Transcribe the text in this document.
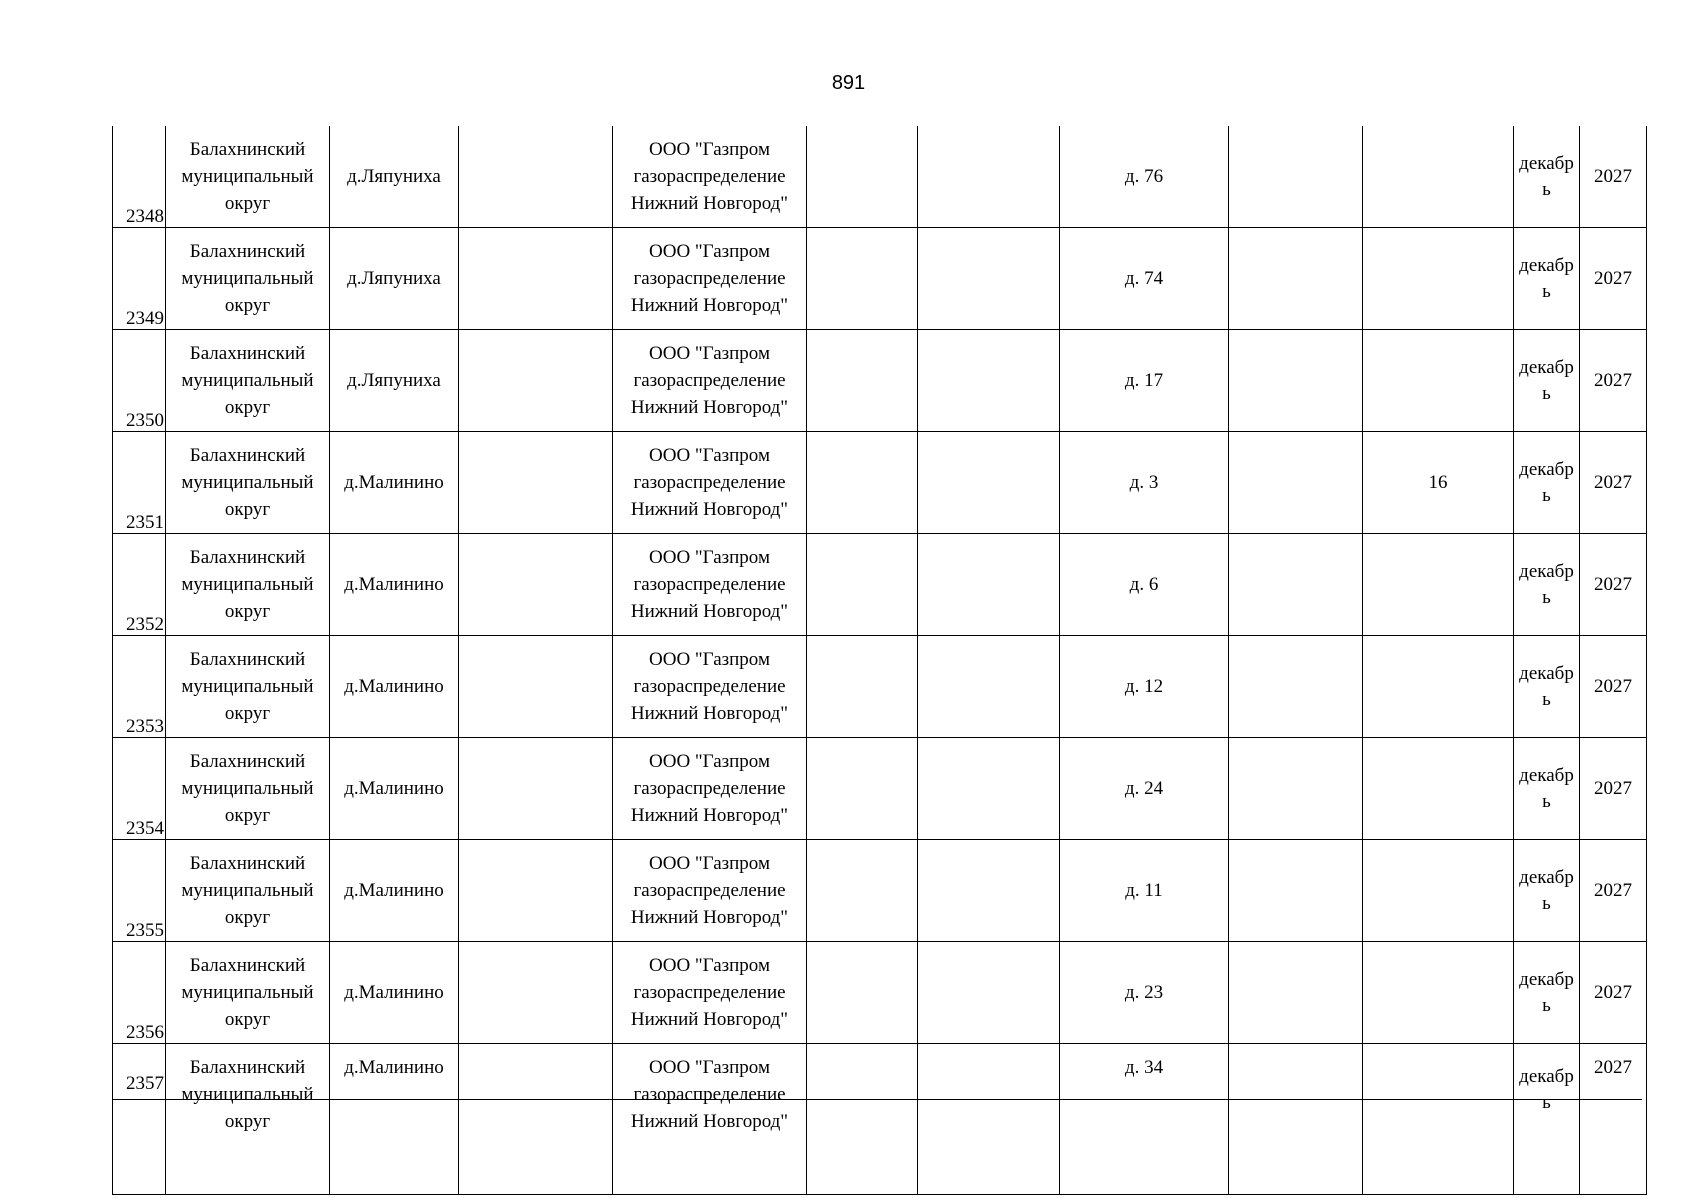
891
2348	Балахнинский муниципальный округ	д.Ляпуниха		ООО "Газпром газораспределение Нижний Новгород"			д. 76			декабрь	2027
2349	Балахнинский муниципальный округ	д.Ляпуниха		ООО "Газпром газораспределение Нижний Новгород"			д. 74			декабрь	2027
2350	Балахнинский муниципальный округ	д.Ляпуниха		ООО "Газпром газораспределение Нижний Новгород"			д. 17			декабрь	2027
2351	Балахнинский муниципальный округ	д.Малинино		ООО "Газпром газораспределение Нижний Новгород"			д. 3		16	декабрь	2027
2352	Балахнинский муниципальный округ	д.Малинино		ООО "Газпром газораспределение Нижний Новгород"			д. 6			декабрь	2027
2353	Балахнинский муниципальный округ	д.Малинино		ООО "Газпром газораспределение Нижний Новгород"			д. 12			декабрь	2027
2354	Балахнинский муниципальный округ	д.Малинино		ООО "Газпром газораспределение Нижний Новгород"			д. 24			декабрь	2027
2355	Балахнинский муниципальный округ	д.Малинино		ООО "Газпром газораспределение Нижний Новгород"			д. 11			декабрь	2027
2356	Балахнинский муниципальный округ	д.Малинино		ООО "Газпром газораспределение Нижний Новгород"			д. 23			декабрь	2027
2357	Балахнинский муниципальный округ	д.Малинино		ООО "Газпром газораспределение Нижний Новгород"			д. 34			декабрь	2027
